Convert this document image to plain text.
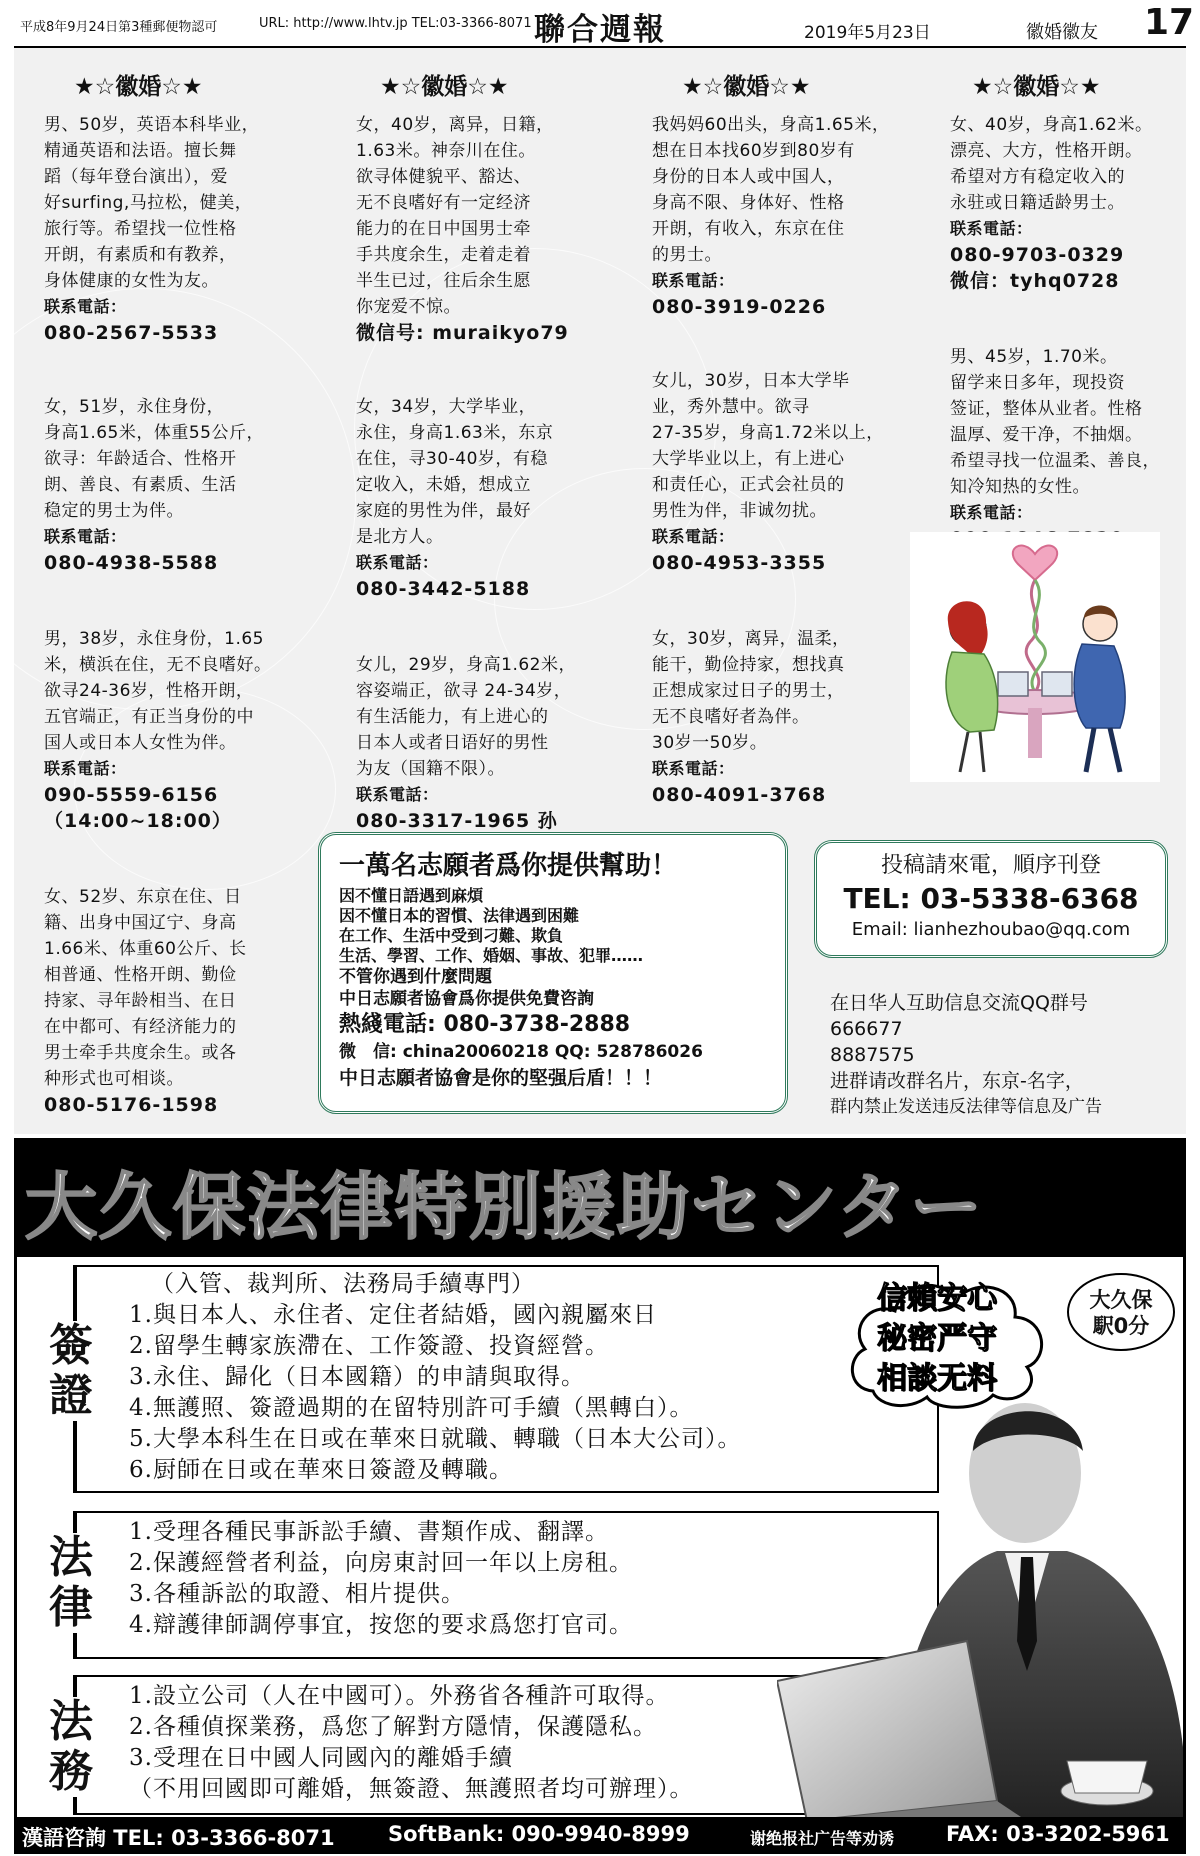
平成8年9月24日第3種郵便物認可	URL: http://www.lhtv.jp TEL:03-3366-8071 聯合週報	2019年5月23日	徽婚徽友 17
★☆徽婚☆★	★☆徽婚☆★	★☆徽婚☆★	★☆徽婚☆★
男、50岁，英语本科毕业，
精通英语和法语。擅长舞
蹈（每年登台演出），爱
好surfing,马拉松，健美，
旅行等。希望找一位性格
开朗，有素质和有教养，
身体健康的女性为友。
联系電話：
080-2567-5533
女，51岁，永住身份，
身高1.65米，体重55公斤，
欲寻：年龄适合、性格开
朗、善良、有素质、生活
稳定的男士为伴。
联系電話：
080-4938-5588
男，38岁，永住身份，1.65
米，横浜在住，无不良嗜好。
欲寻24-36岁，性格开朗，
五官端正，有正当身份的中
国人或日本人女性为伴。
联系電話：
090-5559-6156
（14:00~18:00）
女、52岁、东京在住、日
籍、出身中国辽宁、身高
1.66米、体重60公斤、长
相普通、性格开朗、勤俭
持家、寻年龄相当、在日
在中都可、有经济能力的
男士牵手共度余生。或各
种形式也可相谈。
080-5176-1598
女，40岁，离异，日籍，
1.63米。神奈川在住。
欲寻体健貌平、豁达、
无不良嗜好有一定经济
能力的在日中国男士牵
手共度余生，走着走着
半生已过，往后余生愿
你宠爱不惊。
微信号: muraikyo79
女，34岁，大学毕业，
永住，身高1.63米，东京
在住，寻30-40岁，有稳
定收入，未婚，想成立
家庭的男性为伴，最好
是北方人。
联系電話：
080-3442-5188
女儿，29岁，身高1.62米，
容姿端正，欲寻 24-34岁，
有生活能力，有上进心的
日本人或者日语好的男性
为友（国籍不限）。
联系電話：
080-3317-1965 孙
我妈妈60出头，身高1.65米，
想在日本找60岁到80岁有
身份的日本人或中国人，
身高不限、身体好、性格
开朗，有收入，东京在住
的男士。
联系電話：
080-3919-0226
女儿，30岁，日本大学毕
业，秀外慧中。欲寻
27-35岁，身高1.72米以上，
大学毕业以上，有上进心
和责任心，正式会社员的
男性为伴，非诚勿扰。
联系電話：
080-4953-3355
女，30岁，离异，温柔，
能干，勤俭持家，想找真
正想成家过日子的男士，
无不良嗜好者為伴。
30岁一50岁。
联系電話：
080-4091-3768
女、40岁，身高1.62米。
漂亮、大方，性格开朗。
希望对方有稳定收入的
永驻或日籍适龄男士。
联系電話：
080-9703-0329
微信：tyhq0728
男、45岁，1.70米。
留学来日多年，现投资
签证，整体从业者。性格
温厚、爱干净，不抽烟。
希望寻找一位温柔、善良，
知冷知热的女性。
联系電話：
一萬名志願者爲你提供幫助！
因不懂日語遇到麻煩
因不懂日本的習慣、法律遇到困難
在工作、生活中受到刁難、欺負
生活、學習、工作、婚姻、事故、犯罪……
不管你遇到什麼問題
中日志願者協會爲你提供免費咨詢
熱綫電話: 080-3738-2888
微　信: china20060218 QQ: 528786026
中日志願者協會是你的堅强后盾！！！
投稿請來電，順序刊登
TEL: 03-5338-6368
Email: lianhezhoubao@qq.com
在日华人互助信息交流QQ群号
666677
8887575
进群请改群名片，东京-名字，
群内禁止发送违反法律等信息及广告
大久保法律特別援助センター
簽證
（入管、裁判所、法務局手續專門）
1.與日本人、永住者、定住者結婚，國內親屬來日
2.留學生轉家族滯在、工作簽證、投資經營。
3.永住、歸化（日本國籍）的申請與取得。
4.無護照、簽證過期的在留特別許可手續（黑轉白）。
5.大學本科生在日或在華來日就職、轉職（日本大公司）。
6.厨師在日或在華來日簽證及轉職。
法律
1.受理各種民事訴訟手續、書類作成、翻譯。
2.保護經營者利益，向房東討回一年以上房租。
3.各種訴訟的取證、相片提供。
4.辯護律師調停事宜，按您的要求爲您打官司。
法務
1.設立公司（人在中國可）。外務省各種許可取得。
2.各種偵探業務，爲您了解對方隱情，保護隱私。
3.受理在日中國人同國內的離婚手續
（不用回國即可離婚，無簽證、無護照者均可辦理）。
信賴安心
秘密严守
相談无料
大久保
駅0分
漢語咨詢 TEL: 03-3366-8071	SoftBank: 090-9940-8999	谢绝报社广告等劝诱 FAX: 03-3202-5961
